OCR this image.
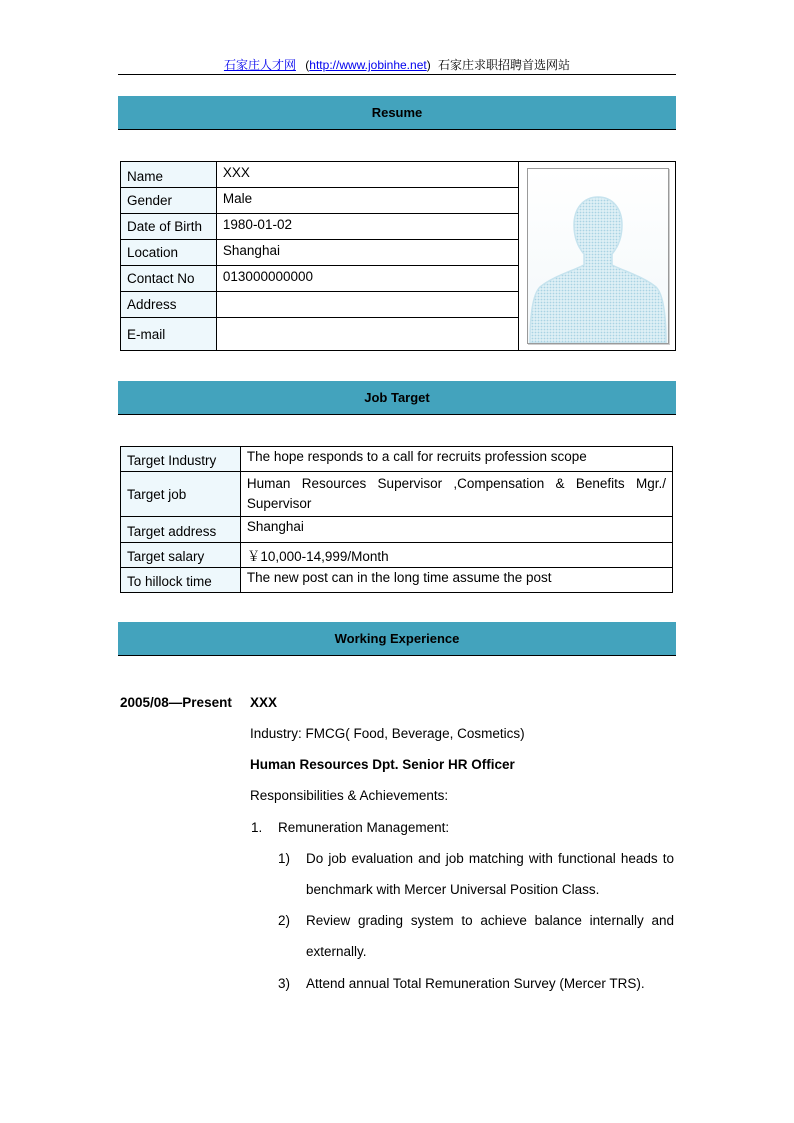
石家庄人才网 (http://www.jobinhe.net) 石家庄求职招聘首选网站
Resume
Name	XXX	
Gender	Male	
Date of Birth	1980-01-02	
Location	Shanghai	
Contact No	013000000000	
Address		
E-mail		
Job Target
Target Industry	The hope responds to a call for recruits profession scope
Target job	Human Resources Supervisor ,Compensation & Benefits Mgr./
Supervisor

Target address	Shanghai
Target salary	￥10,000-14,999/Month
To hillock time	The new post can in the long time assume the post
Working Experience
2005/08—Present XXX
Industry: FMCG( Food, Beverage, Cosmetics)
Human Resources Dpt. Senior HR Officer
Responsibilities & Achievements:
1. Remuneration Management:
1) Do job evaluation and job matching with functional heads to
benchmark with Mercer Universal Position Class.
2) Review grading system to achieve balance internally and
externally.
3) Attend annual Total Remuneration Survey (Mercer TRS).
